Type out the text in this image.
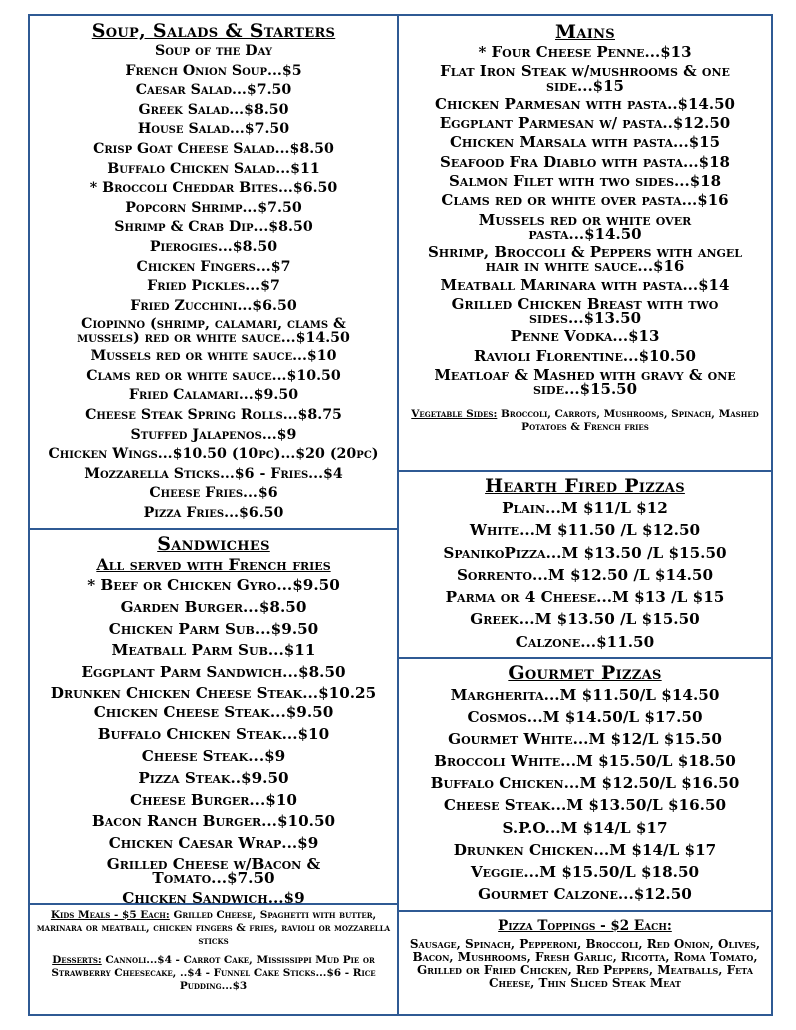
Soup, Salads & Starters
Soup of the Day
French Onion Soup...$5
Caesar Salad...$7.50
Greek Salad...$8.50
House Salad...$7.50
Crisp Goat Cheese Salad...$8.50
Buffalo Chicken Salad...$11
* Broccoli Cheddar Bites...$6.50
Popcorn Shrimp...$7.50
Shrimp & Crab Dip...$8.50
Pierogies...$8.50
Chicken Fingers...$7
Fried Pickles...$7
Fried Zucchini...$6.50
Ciopinno (shrimp, calamari, clams & mussels) red or white sauce...$14.50
Mussels red or white sauce...$10
Clams red or white sauce...$10.50
Fried Calamari...$9.50
Cheese Steak Spring Rolls...$8.75
Stuffed Jalapenos...$9
Chicken Wings...$10.50 (10pc)...$20 (20pc)
Mozzarella Sticks...$6 - Fries...$4
Cheese Fries...$6
Pizza Fries...$6.50
Sandwiches
All served with French fries
* Beef or Chicken Gyro...$9.50
Garden Burger...$8.50
Chicken Parm Sub...$9.50
Meatball Parm Sub...$11
Eggplant Parm Sandwich...$8.50
Drunken Chicken Cheese Steak...$10.25
Chicken Cheese Steak...$9.50
Buffalo Chicken Steak...$10
Cheese Steak...$9
Pizza Steak..$9.50
Cheese Burger...$10
Bacon Ranch Burger...$10.50
Chicken Caesar Wrap...$9
Grilled Cheese w/Bacon & Tomato...$7.50
Chicken Sandwich...$9
Kids Meals - $5 Each: Grilled Cheese, Spaghetti with butter, marinara or meatball, chicken fingers & fries, ravioli or mozzarella sticks
Desserts: Cannoli...$4 - Carrot Cake, Mississippi Mud Pie or Strawberry Cheesecake, ..$4 - Funnel Cake Sticks...$6 - Rice Pudding...$3
Mains
* Four Cheese Penne...$13
Flat Iron Steak w/mushrooms & one side...$15
Chicken Parmesan with pasta..$14.50
Eggplant Parmesan w/ pasta..$12.50
Chicken Marsala with pasta...$15
Seafood Fra Diablo with pasta...$18
Salmon Filet with two sides...$18
Clams red or white over pasta...$16
Mussels red or white over pasta...$14.50
Shrimp, Broccoli & Peppers with angel hair in white sauce...$16
Meatball Marinara with pasta...$14
Grilled Chicken Breast with two sides...$13.50
Penne Vodka...$13
Ravioli Florentine...$10.50
Meatloaf & Mashed with gravy & one side...$15.50
Vegetable Sides: Broccoli, Carrots, Mushrooms, Spinach, Mashed Potatoes & French fries
Hearth Fired Pizzas
Plain...M $11/L $12
White...M $11.50 /L $12.50
SpanikoPizza...M $13.50 /L $15.50
Sorrento...M $12.50 /L $14.50
Parma or 4 Cheese...M $13 /L $15
Greek...M $13.50 /L $15.50
Calzone...$11.50
Gourmet Pizzas
Margherita...M $11.50/L $14.50
Cosmos...M $14.50/L $17.50
Gourmet White...M $12/L $15.50
Broccoli White...M $15.50/L $18.50
Buffalo Chicken...M $12.50/L $16.50
Cheese Steak...M $13.50/L $16.50
S.P.O...M $14/L $17
Drunken Chicken...M $14/L $17
Veggie...M $15.50/L $18.50
Gourmet Calzone...$12.50
Pizza Toppings - $2 Each:
Sausage, Spinach, Pepperoni, Broccoli, Red Onion, Olives, Bacon, Mushrooms, Fresh Garlic, Ricotta, Roma Tomato, Grilled or Fried Chicken, Red Peppers, Meatballs, Feta Cheese, Thin Sliced Steak Meat
